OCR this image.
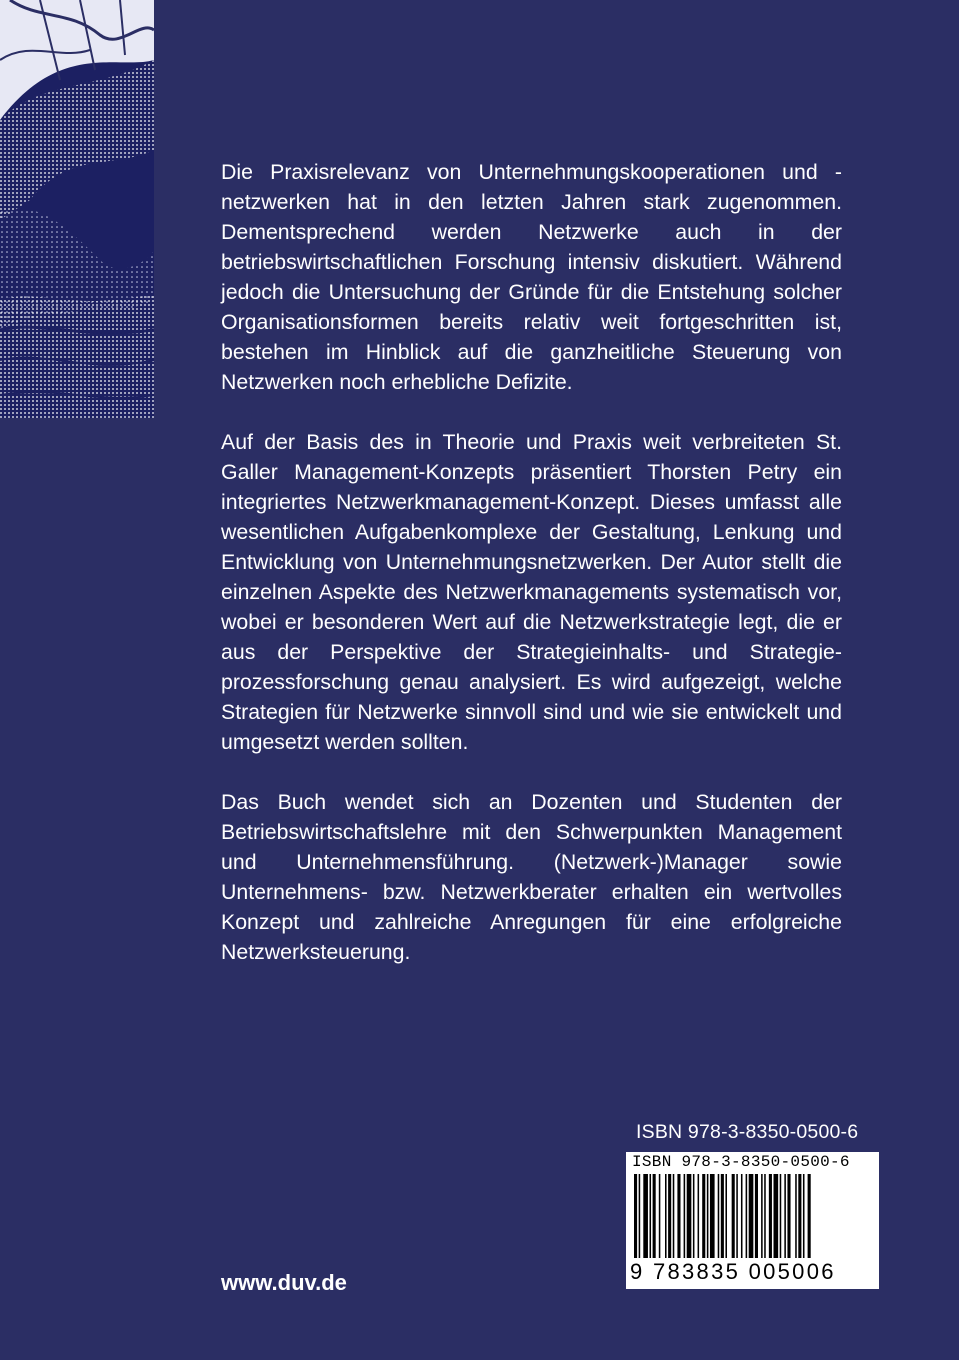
Die Praxisrelevanz von Unternehmungskooperationen und -netzwerken hat in den letzten Jahren stark zugenommen. Dementsprechend werden Netzwerke auch in der betriebswirtschaftlichen Forschung intensiv diskutiert. Während jedoch die Untersuchung der Gründe für die Entstehung solcher Organisationsformen bereits relativ weit fortgeschritten ist, bestehen im Hinblick auf die ganzheitliche Steuerung von Netzwerken noch erhebliche Defizite.

Auf der Basis des in Theorie und Praxis weit verbreiteten St. Galler Management-Konzepts präsentiert Thorsten Petry ein integriertes Netzwerkmanagement-Konzept. Dieses umfasst alle wesentlichen Aufgabenkomplexe der Gestaltung, Lenkung und Entwicklung von Unternehmungsnetzwerken. Der Autor stellt die einzelnen Aspekte des Netzwerkmanagements systematisch vor, wobei er besonderen Wert auf die Netzwerkstrategie legt, die er aus der Perspektive der Strategieinhalts- und Strategieprozessforschung genau analysiert. Es wird aufgezeigt, welche Strategien für Netzwerke sinnvoll sind und wie sie entwickelt und umgesetzt werden sollten.

Das Buch wendet sich an Dozenten und Studenten der Betriebswirtschaftslehre mit den Schwerpunkten Management und Unternehmensführung. (Netzwerk-)Manager sowie Unternehmens- bzw. Netzwerkberater erhalten ein wertvolles Konzept und zahlreiche Anregungen für eine erfolgreiche Netzwerksteuerung.

ISBN 978-3-8350-0500-6
ISBN 978-3-8350-0500-6
9 783835 005006
www.duv.de
